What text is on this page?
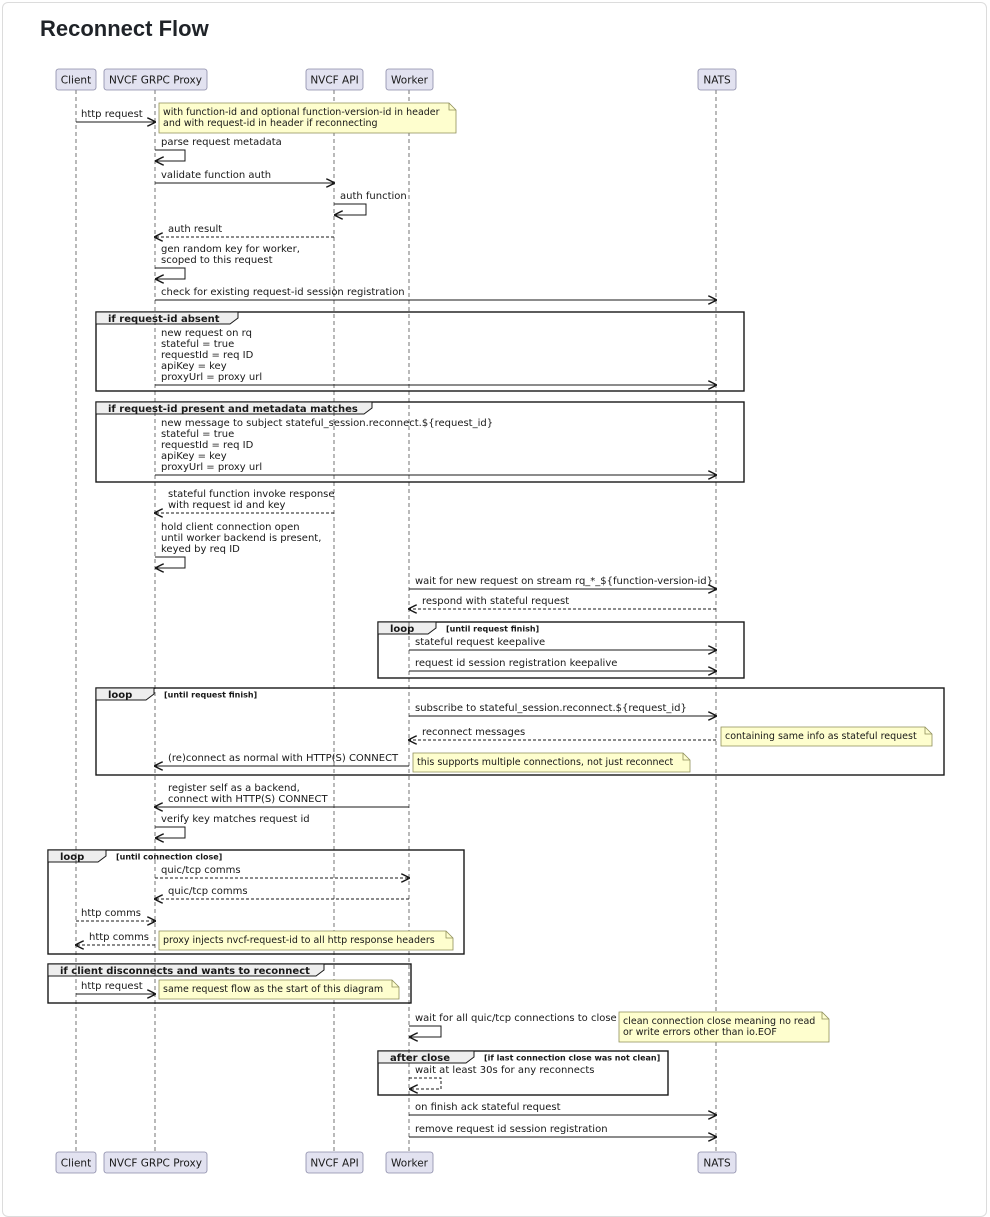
Reconnect Flow
if request-id absent
if request-id present and metadata matches
loop	[until request finish]
loop	[until request finish]
loop	[until connection close]
if client disconnects and wants to reconnect
after close	[if last connection close was not clean]
Client
Client
NVCF GRPC Proxy
NVCF GRPC Proxy
NVCF API
NVCF API
Worker
Worker
NATS
NATS
with function-id and optional function-version-id in header
and with request-id in header if reconnecting
containing same info as stateful request
this supports multiple connections, not just reconnect
proxy injects nvcf-request-id to all http response headers
same request flow as the start of this diagram
clean connection close meaning no read
or write errors other than io.EOF
http request
parse request metadata
validate function auth
auth function
auth result
gen random key for worker,
scoped to this request
check for existing request-id session registration
new request on rq
stateful = true
requestId = req ID
apiKey = key
proxyUrl = proxy url
new message to subject stateful_session.reconnect.${request_id}
stateful = true
requestId = req ID
apiKey = key
proxyUrl = proxy url
stateful function invoke response
with request id and key
hold client connection open
until worker backend is present,
keyed by req ID
wait for new request on stream rq_*_${function-version-id}
respond with stateful request
stateful request keepalive
request id session registration keepalive
subscribe to stateful_session.reconnect.${request_id}
reconnect messages
(re)connect as normal with HTTP(S) CONNECT
register self as a backend,
connect with HTTP(S) CONNECT
verify key matches request id
quic/tcp comms
quic/tcp comms
http comms
http comms
http request
wait for all quic/tcp connections to close
wait at least 30s for any reconnects
on finish ack stateful request
remove request id session registration
